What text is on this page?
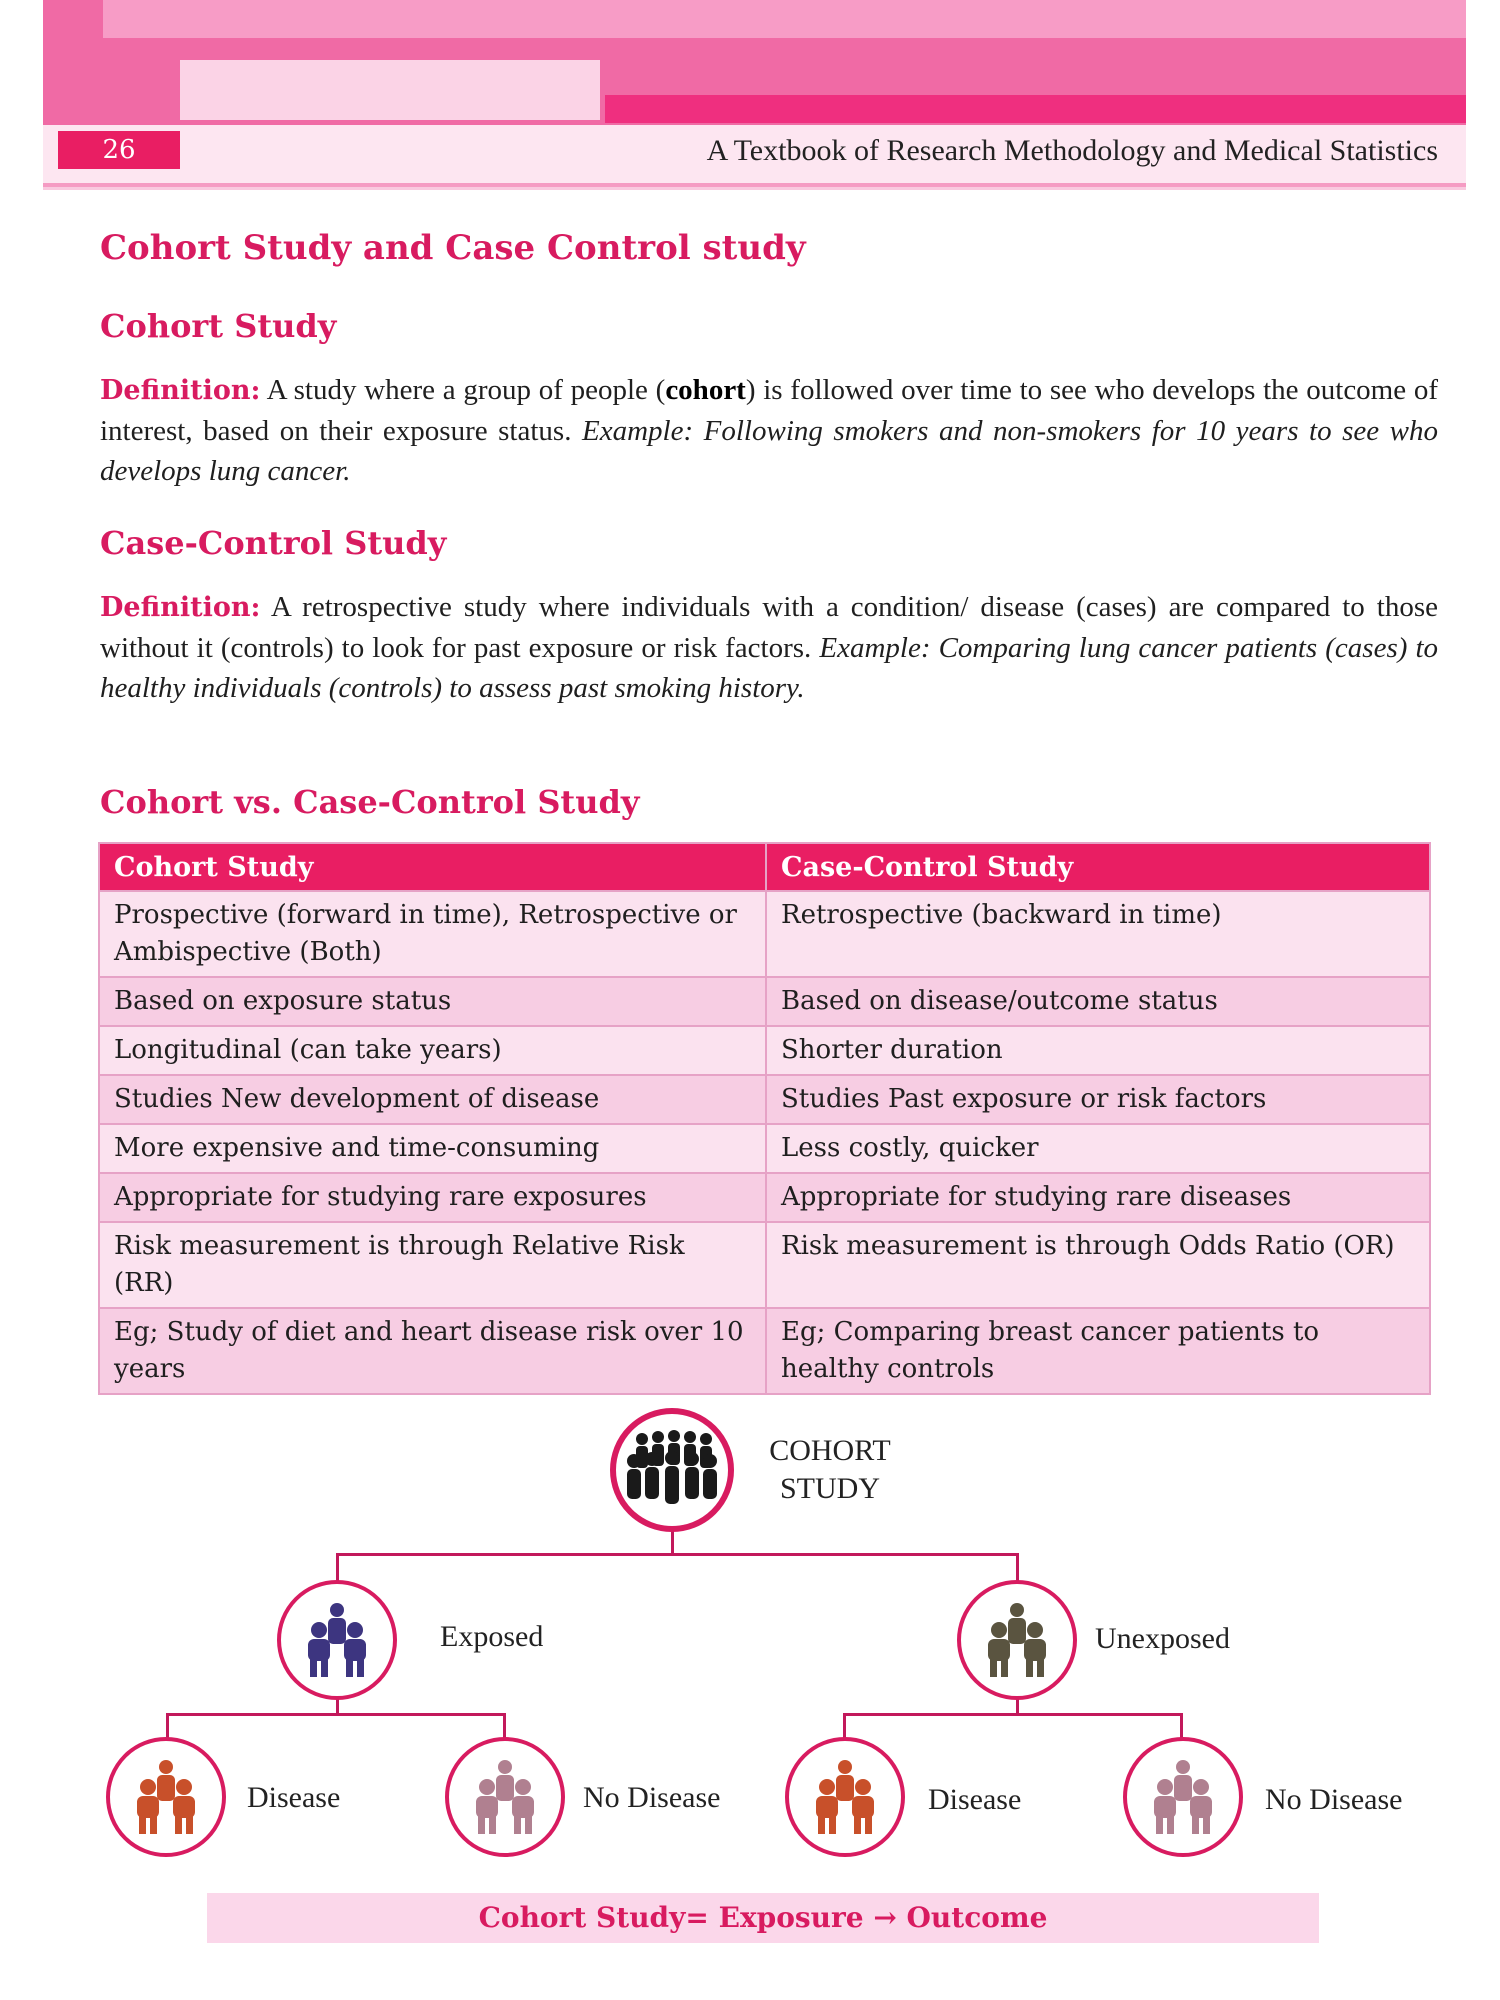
26	A Textbook of Research Methodology and Medical Statistics
Cohort Study and Case Control study
Cohort Study
Definition: A study where a group of people (cohort) is followed over time to see who develops the outcome of interest, based on their exposure status. Example: Following smokers and non-smokers for 10 years to see who develops lung cancer.
Case-Control Study
Definition: A retrospective study where individuals with a condition/ disease (cases) are compared to those without it (controls) to look for past exposure or risk factors. Example: Comparing lung cancer patients (cases) to healthy individuals (controls) to assess past smoking history.
Cohort vs. Case-Control Study
Cohort Study	Case-Control Study
Prospective (forward in time), Retrospective or Ambispective (Both)	Retrospective (backward in time)
Based on exposure status	Based on disease/outcome status
Longitudinal (can take years)	Shorter duration
Studies New development of disease	Studies Past exposure or risk factors
More expensive and time-consuming	Less costly, quicker
Appropriate for studying rare exposures	Appropriate for studying rare diseases
Risk measurement is through Relative Risk (RR)	Risk measurement is through Odds Ratio (OR)
Eg; Study of diet and heart disease risk over 10 years	Eg; Comparing breast cancer patients to healthy controls
COHORT
STUDY
Exposed	Unexposed
Disease	No Disease	Disease	No Disease
Cohort Study= Exposure → Outcome
